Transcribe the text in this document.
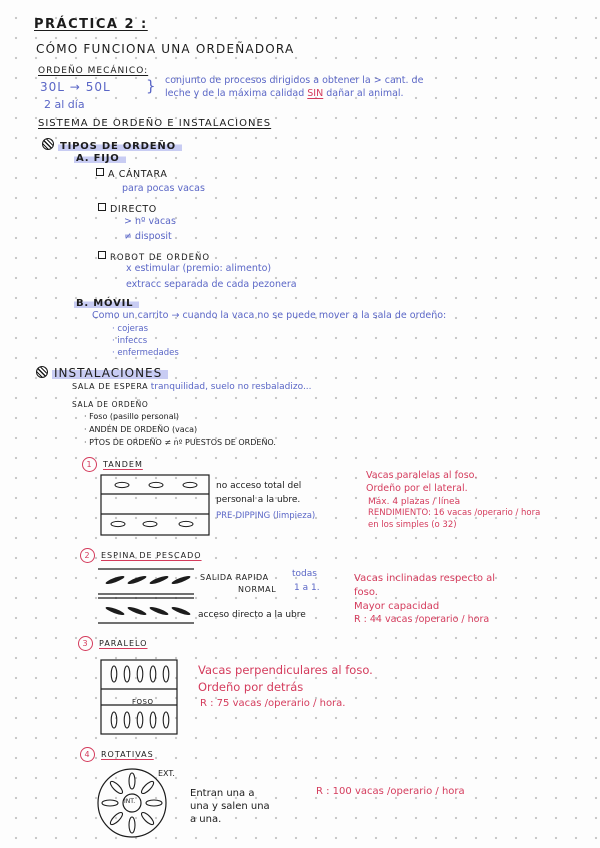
PRÁCTICA 2 :
CÓMO FUNCIONA UNA ORDEÑADORA
ORDEÑO MECÁNICO:
30L → 50L
2 al día
} conjunto de procesos dirigidos a obtener la > cant. de
leche y de la máxima calidad SIN dañar al animal.
SISTEMA DE ORDEÑO E INSTALACIONES
TIPOS DE ORDEÑO
A. FIJO
A CÁNTARA
para pocas vacas
DIRECTO
> nº vacas
≠ disposit
ROBOT DE ORDEÑO
x estimular (premio: alimento)
extracc separada de cada pezonera
B. MÓVIL
Como un carrito → cuando la vaca no se puede mover a la sala de ordeño:
· cojeras
· infeccs
· enfermedades
INSTALACIONES
SALA DE ESPERA tranquilidad, suelo no resbaladizo...
SALA DE ORDEÑO
· Foso (pasillo personal)
· ANDÉN DE ORDEÑO (vaca)
· PTOS DE ORDEÑO ≠ nº PUESTOS DE ORDEÑO.
1 TANDEM
no acceso total del
personal a la ubre.
PRE-DIPPING (limpieza)
Vacas paralelas al foso.
Ordeño por el lateral.
Máx. 4 plazas / línea
RENDIMIENTO: 16 vacas /operario / hora
en los simples (o 32)
2 ESPINA DE PESCADO
SALIDA RAPIDA	todas
NORMAL 1 a 1.
acceso directo a la ubre
Vacas inclinadas respecto al
foso.
Mayor capacidad
R : 44 vacas /operario / hora
3 PARALELO
FOSO
Vacas perpendiculares al foso.
Ordeño por detrás
R : 75 vacas /operario / hora.
4 ROTATIVAS
INT.
EXT.
Entran una a
una y salen una
a una.
R : 100 vacas /operario / hora
